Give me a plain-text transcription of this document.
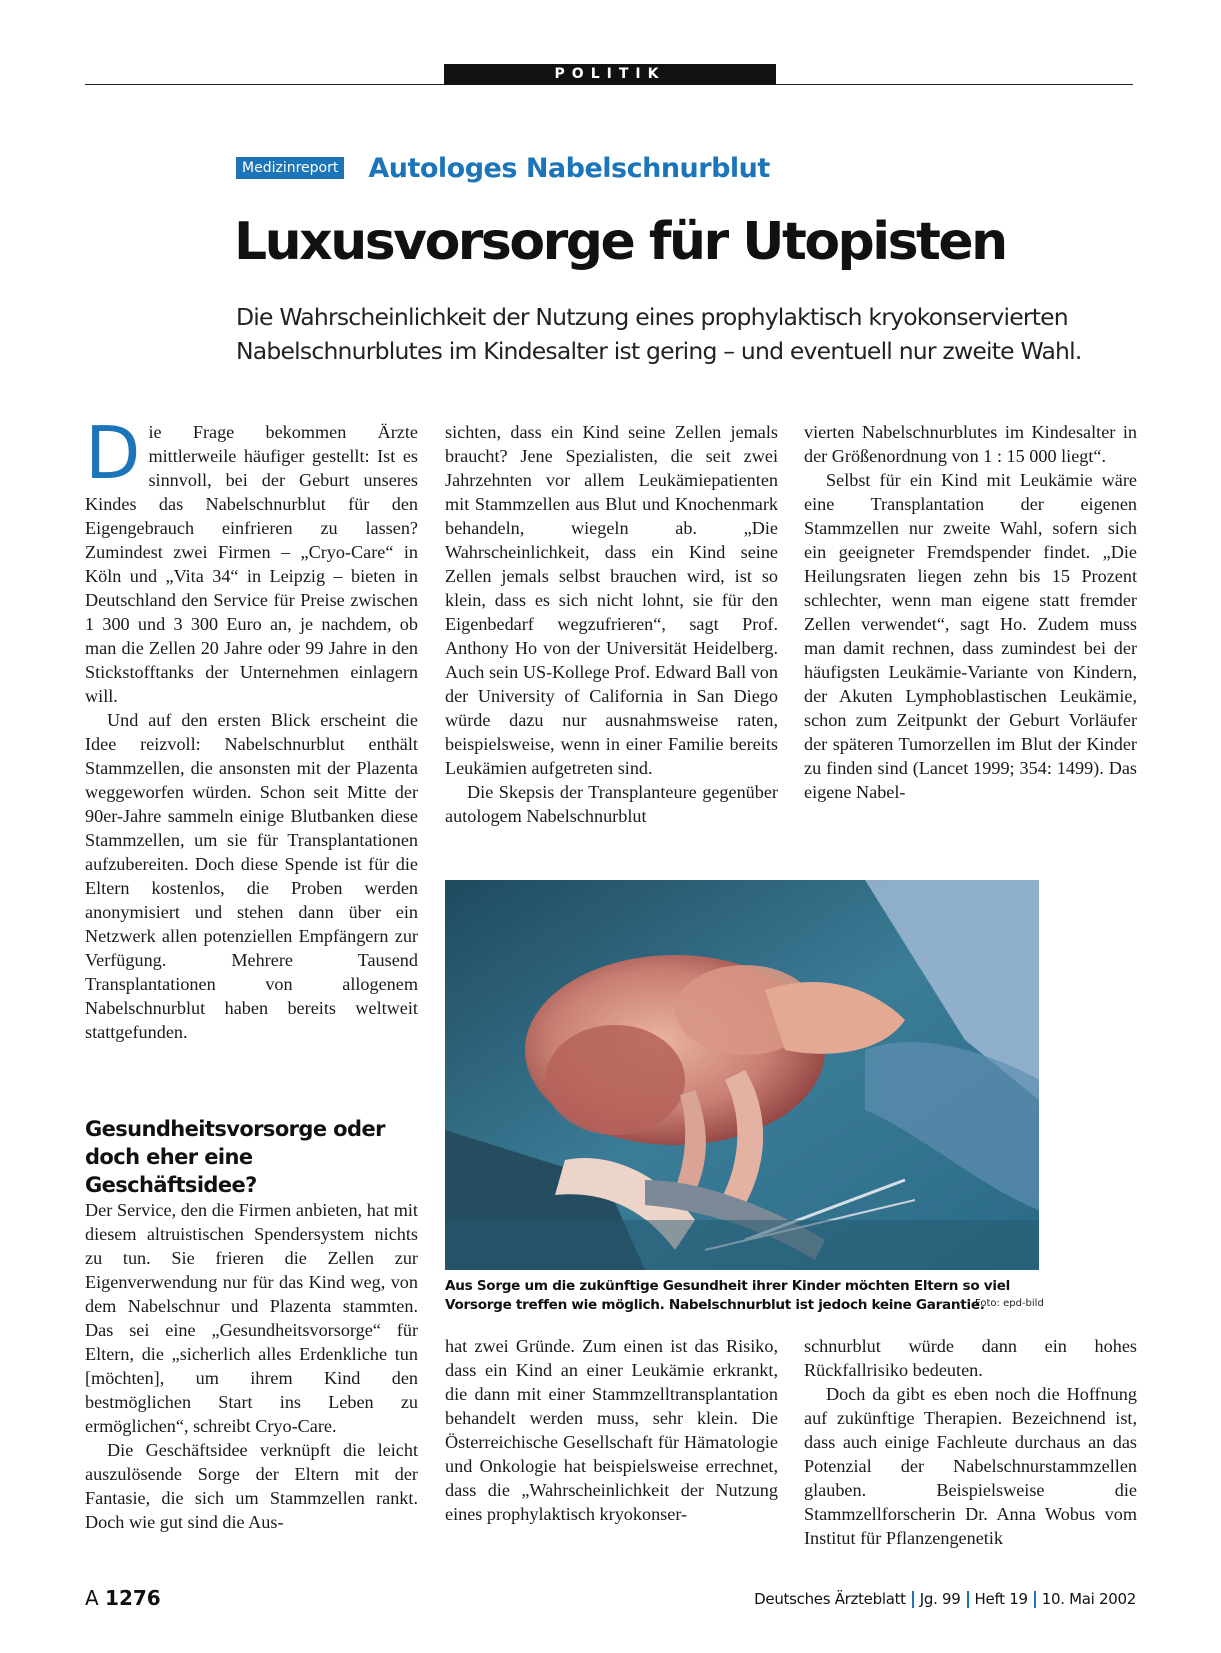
POLITIK
Medizinreport Autologes Nabelschnurblut
Luxusvorsorge für Utopisten

Die Wahrscheinlichkeit der Nutzung eines prophylaktisch kryokonservierten Nabelschnurblutes im Kindesalter ist gering – und eventuell nur zweite Wahl.

Die Frage bekommen Ärzte mittlerweile häufiger gestellt: Ist es sinnvoll, bei der Geburt unseres Kindes das Nabelschnurblut für den Eigengebrauch einfrieren zu lassen? Zumindest zwei Firmen – „Cryo-Care“ in Köln und „Vita 34“ in Leipzig – bieten in Deutschland den Service für Preise zwischen 1 300 und 3 300 Euro an, je nachdem, ob man die Zellen 20 Jahre oder 99 Jahre in den Stickstofftanks der Unternehmen einlagern will.

Und auf den ersten Blick erscheint die Idee reizvoll: Nabelschnurblut enthält Stammzellen, die ansonsten mit der Plazenta weggeworfen würden. Schon seit Mitte der 90er-Jahre sammeln einige Blutbanken diese Stammzellen, um sie für Transplantationen aufzubereiten. Doch diese Spende ist für die Eltern kostenlos, die Proben werden anonymisiert und stehen dann über ein Netzwerk allen potenziellen Empfängern zur Verfügung. Mehrere Tausend Transplantationen von allogenem Nabelschnurblut haben bereits weltweit stattgefunden.

sichten, dass ein Kind seine Zellen jemals braucht? Jene Spezialisten, die seit zwei Jahrzehnten vor allem Leukämiepatienten mit Stammzellen aus Blut und Knochenmark behandeln, wiegeln ab. „Die Wahrscheinlichkeit, dass ein Kind seine Zellen jemals selbst brauchen wird, ist so klein, dass es sich nicht lohnt, sie für den Eigenbedarf wegzufrieren“, sagt Prof. Anthony Ho von der Universität Heidelberg. Auch sein US-Kollege Prof. Edward Ball von der University of California in San Diego würde dazu nur ausnahmsweise raten, beispielsweise, wenn in einer Familie bereits Leukämien aufgetreten sind.

Die Skepsis der Transplanteure gegenüber autologem Nabelschnurblut

vierten Nabelschnurblutes im Kindesalter in der Größenordnung von 1 : 15 000 liegt“.

Selbst für ein Kind mit Leukämie wäre eine Transplantation der eigenen Stammzellen nur zweite Wahl, sofern sich ein geeigneter Fremdspender findet. „Die Heilungsraten liegen zehn bis 15 Prozent schlechter, wenn man eigene statt fremder Zellen verwendet“, sagt Ho. Zudem muss man damit rechnen, dass zumindest bei der häufigsten Leukämie-Variante von Kindern, der Akuten Lymphoblastischen Leukämie, schon zum Zeitpunkt der Geburt Vorläufer der späteren Tumorzellen im Blut der Kinder zu finden sind (Lancet 1999; 354: 1499). Das eigene Nabel-

Aus Sorge um die zukünftige Gesundheit ihrer Kinder möchten Eltern so viel Vorsorge treffen wie möglich. Nabelschnurblut ist jedoch keine Garantie.
Foto: epd-bild
Gesundheitsvorsorge oder doch eher eine Geschäftsidee?

Der Service, den die Firmen anbieten, hat mit diesem altruistischen Spendersystem nichts zu tun. Sie frieren die Zellen zur Eigenverwendung nur für das Kind weg, von dem Nabelschnur und Plazenta stammten. Das sei eine „Gesundheitsvorsorge“ für Eltern, die „sicherlich alles Erdenkliche tun [möchten], um ihrem Kind den bestmöglichen Start ins Leben zu ermöglichen“, schreibt Cryo-Care.

Die Geschäftsidee verknüpft die leicht auszulösende Sorge der Eltern mit der Fantasie, die sich um Stammzellen rankt. Doch wie gut sind die Aus-

hat zwei Gründe. Zum einen ist das Risiko, dass ein Kind an einer Leukämie erkrankt, die dann mit einer Stammzelltransplantation behandelt werden muss, sehr klein. Die Österreichische Gesellschaft für Hämatologie und Onkologie hat beispielsweise errechnet, dass die „Wahrscheinlichkeit der Nutzung eines prophylaktisch kryokonser-

schnurblut würde dann ein hohes Rückfallrisiko bedeuten.

Doch da gibt es eben noch die Hoffnung auf zukünftige Therapien. Bezeichnend ist, dass auch einige Fachleute durchaus an das Potenzial der Nabelschnurstammzellen glauben. Beispielsweise die Stammzellforscherin Dr. Anna Wobus vom Institut für Pflanzengenetik

A 1276	Deutsches Ärzteblatt Jg. 99 Heft 19 10. Mai 2002
